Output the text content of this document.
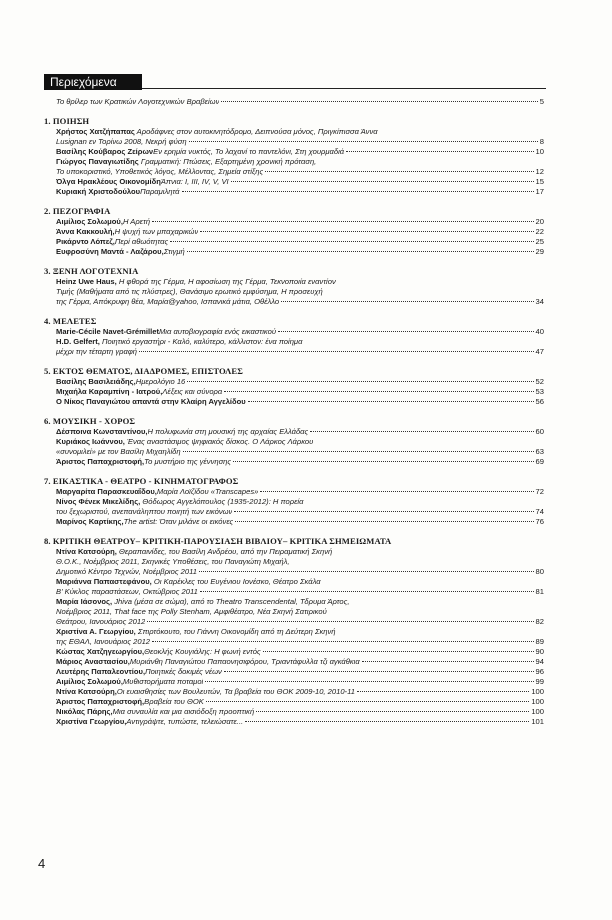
Περιεχόμενα
Το θρίλερ των Κρατικών Λογοτεχνικών Βραβείων	5
1. ΠΟΙΗΣΗ
Χρήστος Χατζήπαπας Αροδάφνες στον αυτοκινητόδρομο, Δειπνούσα μόνος, Πριγκίπισσα Άννα
Lusignan εν Τορίνω 2008, Νεκρή φύση	8
Βασίλης Κούβαρος Ζείρων Εν ερημία νυκτός, Το λαχανί το παντελόνι, Στη χουρμαδιά	10
Γιώργος Παναγιωτίδης Γραμματική: Πτώσεις, Εξαρτημένη χρονική πρόταση,
Το υποκοριστικό, Υποθετικός λόγος, Μέλλοντας, Σημεία στίξης	12
Όλγα Ηρακλέους Οικονομίδη Άπνια: I, III, IV, V, VI	15
Κυριακή Χριστοδούλου Παραμιλητά	17
2. ΠΕΖΟΓΡΑΦΙΑ
Αιμίλιος Σολωμού, Η Αρετή	20
Άννα Κακκουλή, Η ψυχή των μπαχαρικών	22
Ρικάρντο Λόπεζ, Περί αθωότητας	25
Ευφροσύνη Μαντά - Λαζάρου, Στιγμή	29
3. ΞΕΝΗ ΛΟΓΟΤΕΧΝΙΑ
Heinz Uwe Haus, Η φθορά της Γέρμα, Η αφοσίωση της Γέρμα, Τεκνοποιία εναντίον
Τιμής (Μαθήματα από τις πλύστρες), Θανάσιμο ερωτικό εμφύσημα, Η προσευχή
της Γέρμα, Απόκρυφη θέα, Μαρία@yahoo, Ισπανικά μάτια, Οθέλλο	34
4. ΜΕΛΕΤΕΣ
Marie-Cécile Navet-Grémillet Μια αυτοβιογραφία ενός εικαστικού	40
H.D. Gelfert, Ποιητικό εργαστήρι - Καλό, καλύτερο, κάλλιστον: ένα ποίημα
μέχρι την τέταρτη γραφή	47
5. ΕΚΤΟΣ ΘΕΜΑΤΟΣ, ΔΙΑΔΡΟΜΕΣ, ΕΠΙΣΤΟΛΕΣ
Βασίλης Βασιλειάδης, Ημερολόγιο 16	52
Μιχαήλα Καραμπίνη - Ιατρού, Λέξεις και σύνορα	53
Ο Νίκος Παναγιώτου απαντά στην Κλαίρη Αγγελίδου	56
6. ΜΟΥΣΙΚΗ - ΧΟΡΟΣ
Δέσποινα Κωνσταντίνου, Η πολυφωνία στη μουσική της αρχαίας Ελλάδας	60
Κυριάκος Ιωάννου, Ένας αναστάσιμος ψηφιακός δίσκος. Ο Λάρκος Λάρκου
«συνομιλεί» με τον Βασίλη Μιχαηλίδη	63
Άριστος Παπαχριστοφή, Το μυστήριο της γέννησης	69
7. ΕΙΚΑΣΤΙΚΑ - ΘΕΑΤΡΟ - ΚΙΝΗΜΑΤΟΓΡΑΦΟΣ
Μαργαρίτα Παρασκευαΐδου, Μαρία Λοϊζίδου «Transcapes»	72
Νίνος Φένεκ Μικελίδης, Θόδωρος Αγγελόπουλος (1935-2012): Η πορεία
του ξεχωριστού, ανεπανάληπτου ποιητή των εικόνων	74
Μαρίνος Καρτίκης, The artist: Όταν μιλάνε οι εικόνες	76
8. ΚΡΙΤΙΚΗ ΘΕΑΤΡΟΥ– ΚΡΙΤΙΚΗ-ΠΑΡΟΥΣΙΑΣΗ ΒΙΒΛΙΟΥ– ΚΡΙΤΙΚΑ ΣΗΜΕΙΩΜΑΤΑ
Ντίνα Κατσούρη, Θεραπαινίδες, του Βασίλη Ανδρέου, από την Πειραματική Σκηνή
Θ.Ο.Κ., Νοέμβριος 2011, Σκηνικές Υποθέσεις, του Παναγιώτη Μιχαήλ,
Δημοτικό Κέντρο Τεχνών, Νοέμβριος 2011	80
Μαριάννα Παπαστεφάνου, Οι Καρέκλες του Ευγένιου Ιονέσκο, Θέατρο Σκάλα
Β' Κύκλος παραστάσεων, Οκτώβριος 2011	81
Μαρία Ιάσονος, Jhiva (μέσα σε σώμα), από το Theatro Transcendental, Τδρυμα Άρτος,
Νοέμβριος 2011, That face της Polly Stenham, Αμφιθέατρο, Νέα Σκηνή Σατιρικού
Θεάτρου, Ιανουάριος 2012	82
Χριστίνα Α. Γεωργίου, Σπιρτόκουτο, του Γιάννη Οικονομίδη από τη Δεύτερη Σκηνή
της ΕΘΑΛ, Ιανουάριος 2012	89
Κώστας Χατζηγεωργίου, Θεοκλής Κουγιάλης: Η φωνή εντός	90
Μάριος Αναστασίου, Μυριάνθη Παναγιώτου Παπαονησιφόρου, Τριαντάφυλλα τζι αγκάθκια	94
Λευτέρης Παπαλεοντίου, Ποιητικές δοκιμές νέων	96
Αιμίλιος Σολωμού, Μυθιστορήματα ποταμοί	99
Ντίνα Κατσούρη, Οι ευαισθησίες των Βουλευτών, Τα βραβεία του ΘΟΚ 2009-10, 2010-11	100
Άριστος Παπαχριστοφή, Βραβεία του ΘΟΚ	100
Νικόλας Πάρης, Μια συναυλία και μια αισιόδοξη προοπτική	100
Χριστίνα Γεωργίου, Αντιγράψτε, τυπώστε, τελειώσατε...	101
4
